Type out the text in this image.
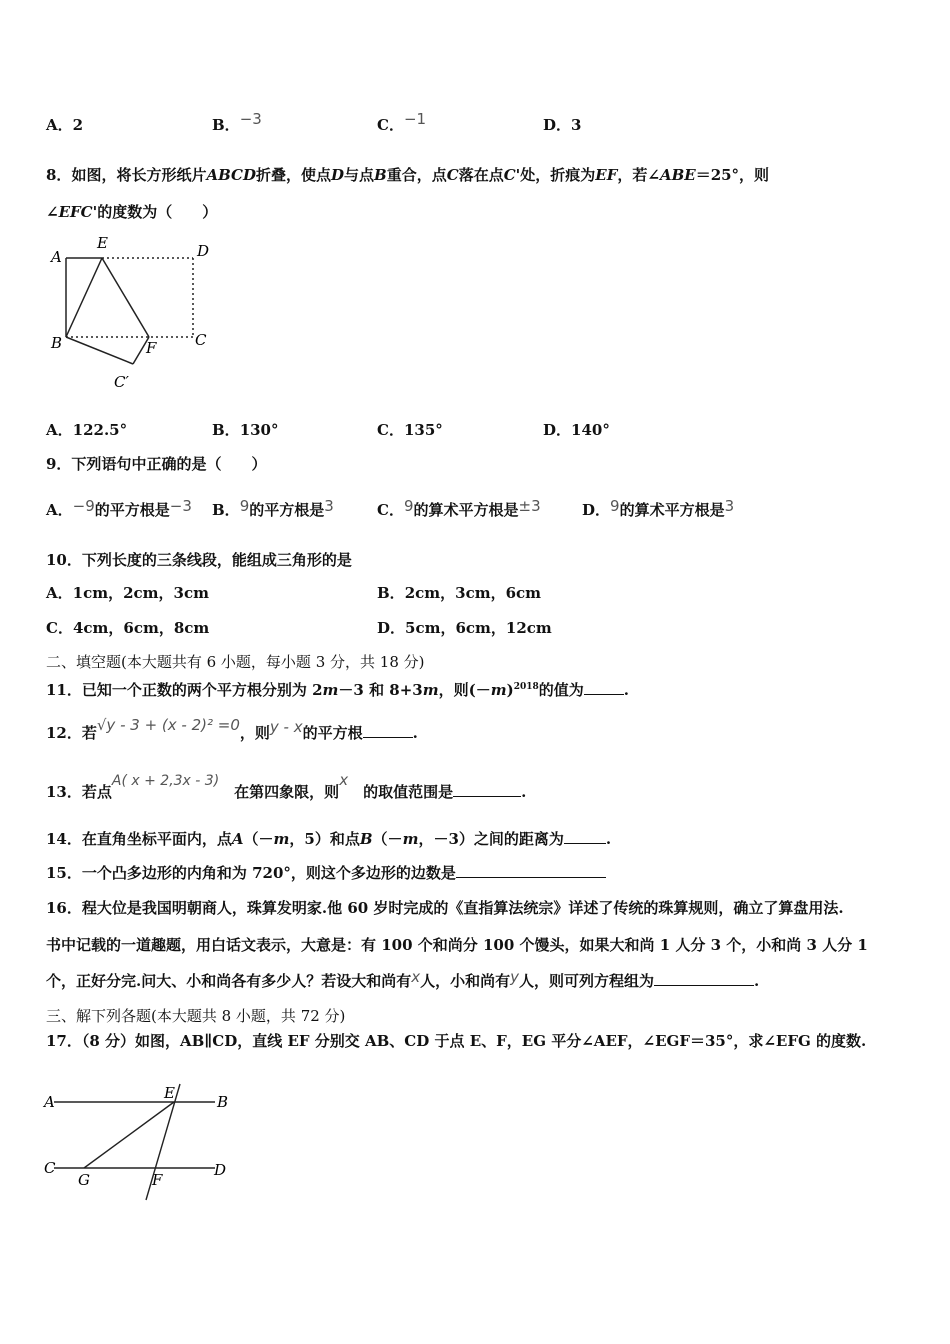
A．2	B．−3	C．−1	D．3
8．如图，将长方形纸片ABCD折叠，使点D与点B重合，点C落在点C'处，折痕为EF，若∠ABE＝25°，则
∠EFC'的度数为（　　）
A
E	D
B	F	C
C′
A．122.5°	B．130°	C．135°	D．140°
9．下列语句中正确的是（　　）
A．−9的平方根是−3 B．9的平方根是3	C．9的算术平方根是±3	D．9的算术平方根是3
10．下列长度的三条线段，能组成三角形的是
A．1cm，2cm，3cm	B．2cm，3cm，6cm
C．4cm，6cm，8cm	D．5cm，6cm，12cm
二、填空题(本大题共有 6 小题，每小题 3 分，共 18 分)
11．已知一个正数的两个平方根分别为 2m－3 和 8+3m，则$(-m)^{2018}$的值为	.
12．若√y - 3 + (x - 2)² =0，则y - x的平方根	.
13．若点A( x + 2,3x - 3)　在第四象限，则x　的取值范围是	.
14．在直角坐标平面内，点A（－m，5）和点B（－m，－3）之间的距离为	.
15．一个凸多边形的内角和为 720°，则这个多边形的边数是
16．程大位是我国明朝商人，珠算发明家.他 60 岁时完成的《直指算法统宗》详述了传统的珠算规则，确立了算盘用法.
书中记载的一道趣题，用白话文表示，大意是：有 100 个和尚分 100 个馒头，如果大和尚 1 人分 3 个，小和尚 3 人分 1
个，正好分完.问大、小和尚各有多少人？若设大和尚有x人，小和尚有y人，则可列方程组为	.
三、解下列各题(本大题共 8 小题，共 72 分)
17．（8 分）如图，AB∥CD，直线 EF 分别交 AB、CD 于点 E、F，EG 平分∠AEF，∠EGF＝35°，求∠EFG 的度数.
A	B
C	D
E
F
G
